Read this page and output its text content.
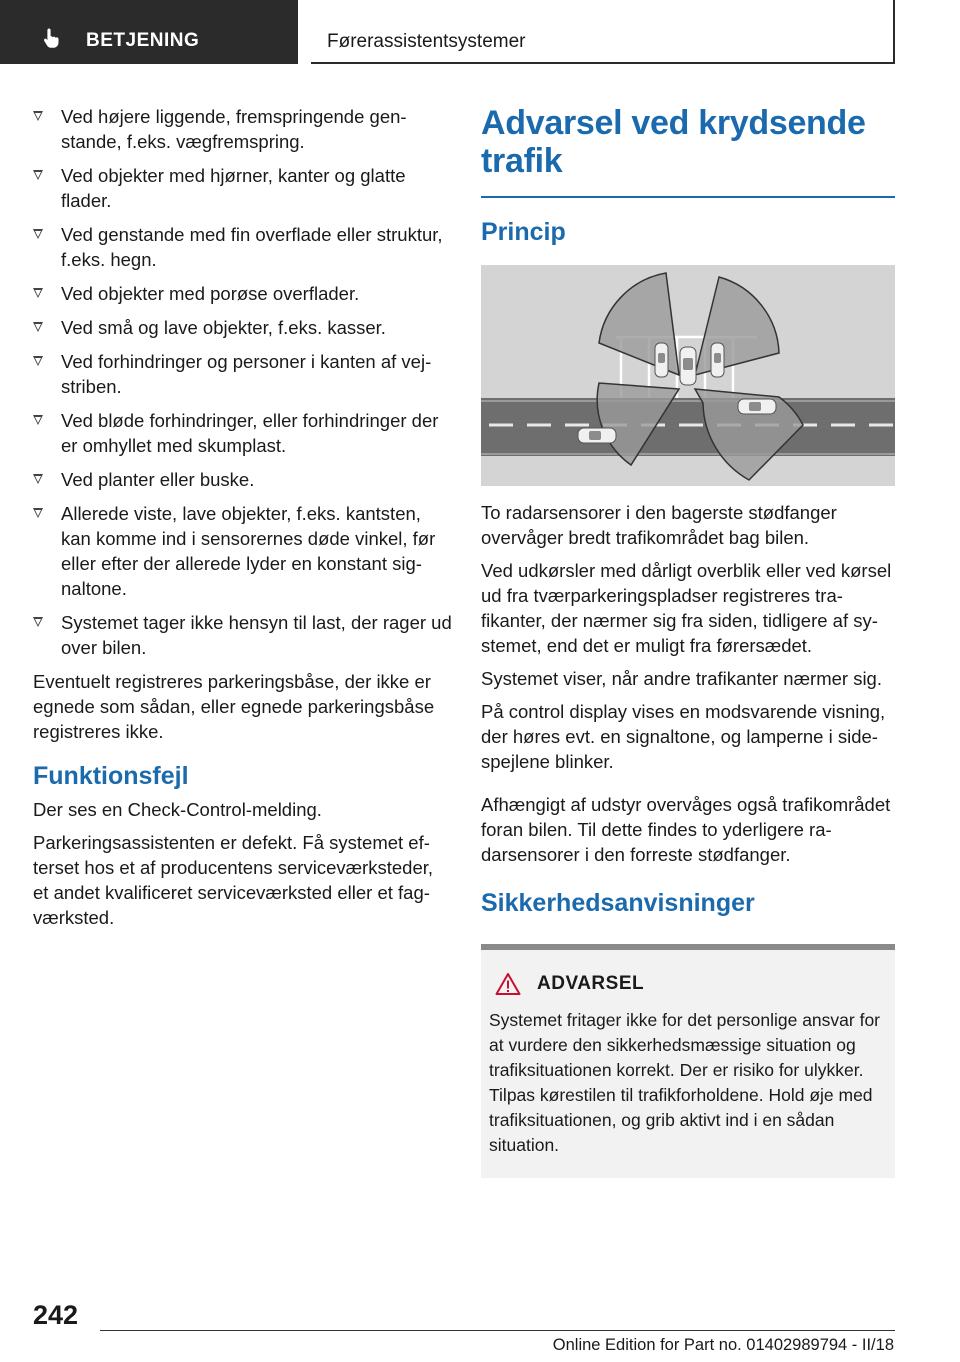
BETJENING	Førerassistentsystemer
Ved højere liggende, fremspringende genstande, f.eks. vægfremspring.
Ved objekter med hjørner, kanter og glatte flader.
Ved genstande med fin overflade eller struktur, f.eks. hegn.
Ved objekter med porøse overflader.
Ved små og lave objekter, f.eks. kasser.
Ved forhindringer og personer i kanten af vejstriben.
Ved bløde forhindringer, eller forhindringer der er omhyllet med skumplast.
Ved planter eller buske.
Allerede viste, lave objekter, f.eks. kantsten, kan komme ind i sensorernes døde vinkel, før eller efter der allerede lyder en konstant signaltone.
Systemet tager ikke hensyn til last, der rager ud over bilen.

Eventuelt registreres parkeringsbåse, der ikke er egnede som sådan, eller egnede parkeringsbåse registreres ikke.

Funktionsfejl

Der ses en Check-Control-melding.

Parkeringsassistenten er defekt. Få systemet efterset hos et af producentens serviceværksteder, et andet kvalificeret serviceværksted eller et fagværksted.

Advarsel ved krydsende trafik
Princip

To radarsensorer i den bagerste stødfanger overvåger bredt trafikområdet bag bilen.

Ved udkørsler med dårligt overblik eller ved kørsel ud fra tværparkeringspladser registreres trafikanter, der nærmer sig fra siden, tidligere af systemet, end det er muligt fra førersædet.

Systemet viser, når andre trafikanter nærmer sig.

På control display vises en modsvarende visning, der høres evt. en signaltone, og lamperne i sidespejlene blinker.

Afhængigt af udstyr overvåges også trafikområdet foran bilen. Til dette findes to yderligere radarsensorer i den forreste stødfanger.

Sikkerhedsanvisninger
ADVARSEL

Systemet fritager ikke for det personlige ansvar for at vurdere den sikkerhedsmæssige situation og trafiksituationen korrekt. Der er risiko for ulykker. Tilpas kørestilen til trafikforholdene. Hold øje med trafiksituationen, og grib aktivt ind i en sådan situation.

242
Online Edition for Part no. 01402989794 - II/18
